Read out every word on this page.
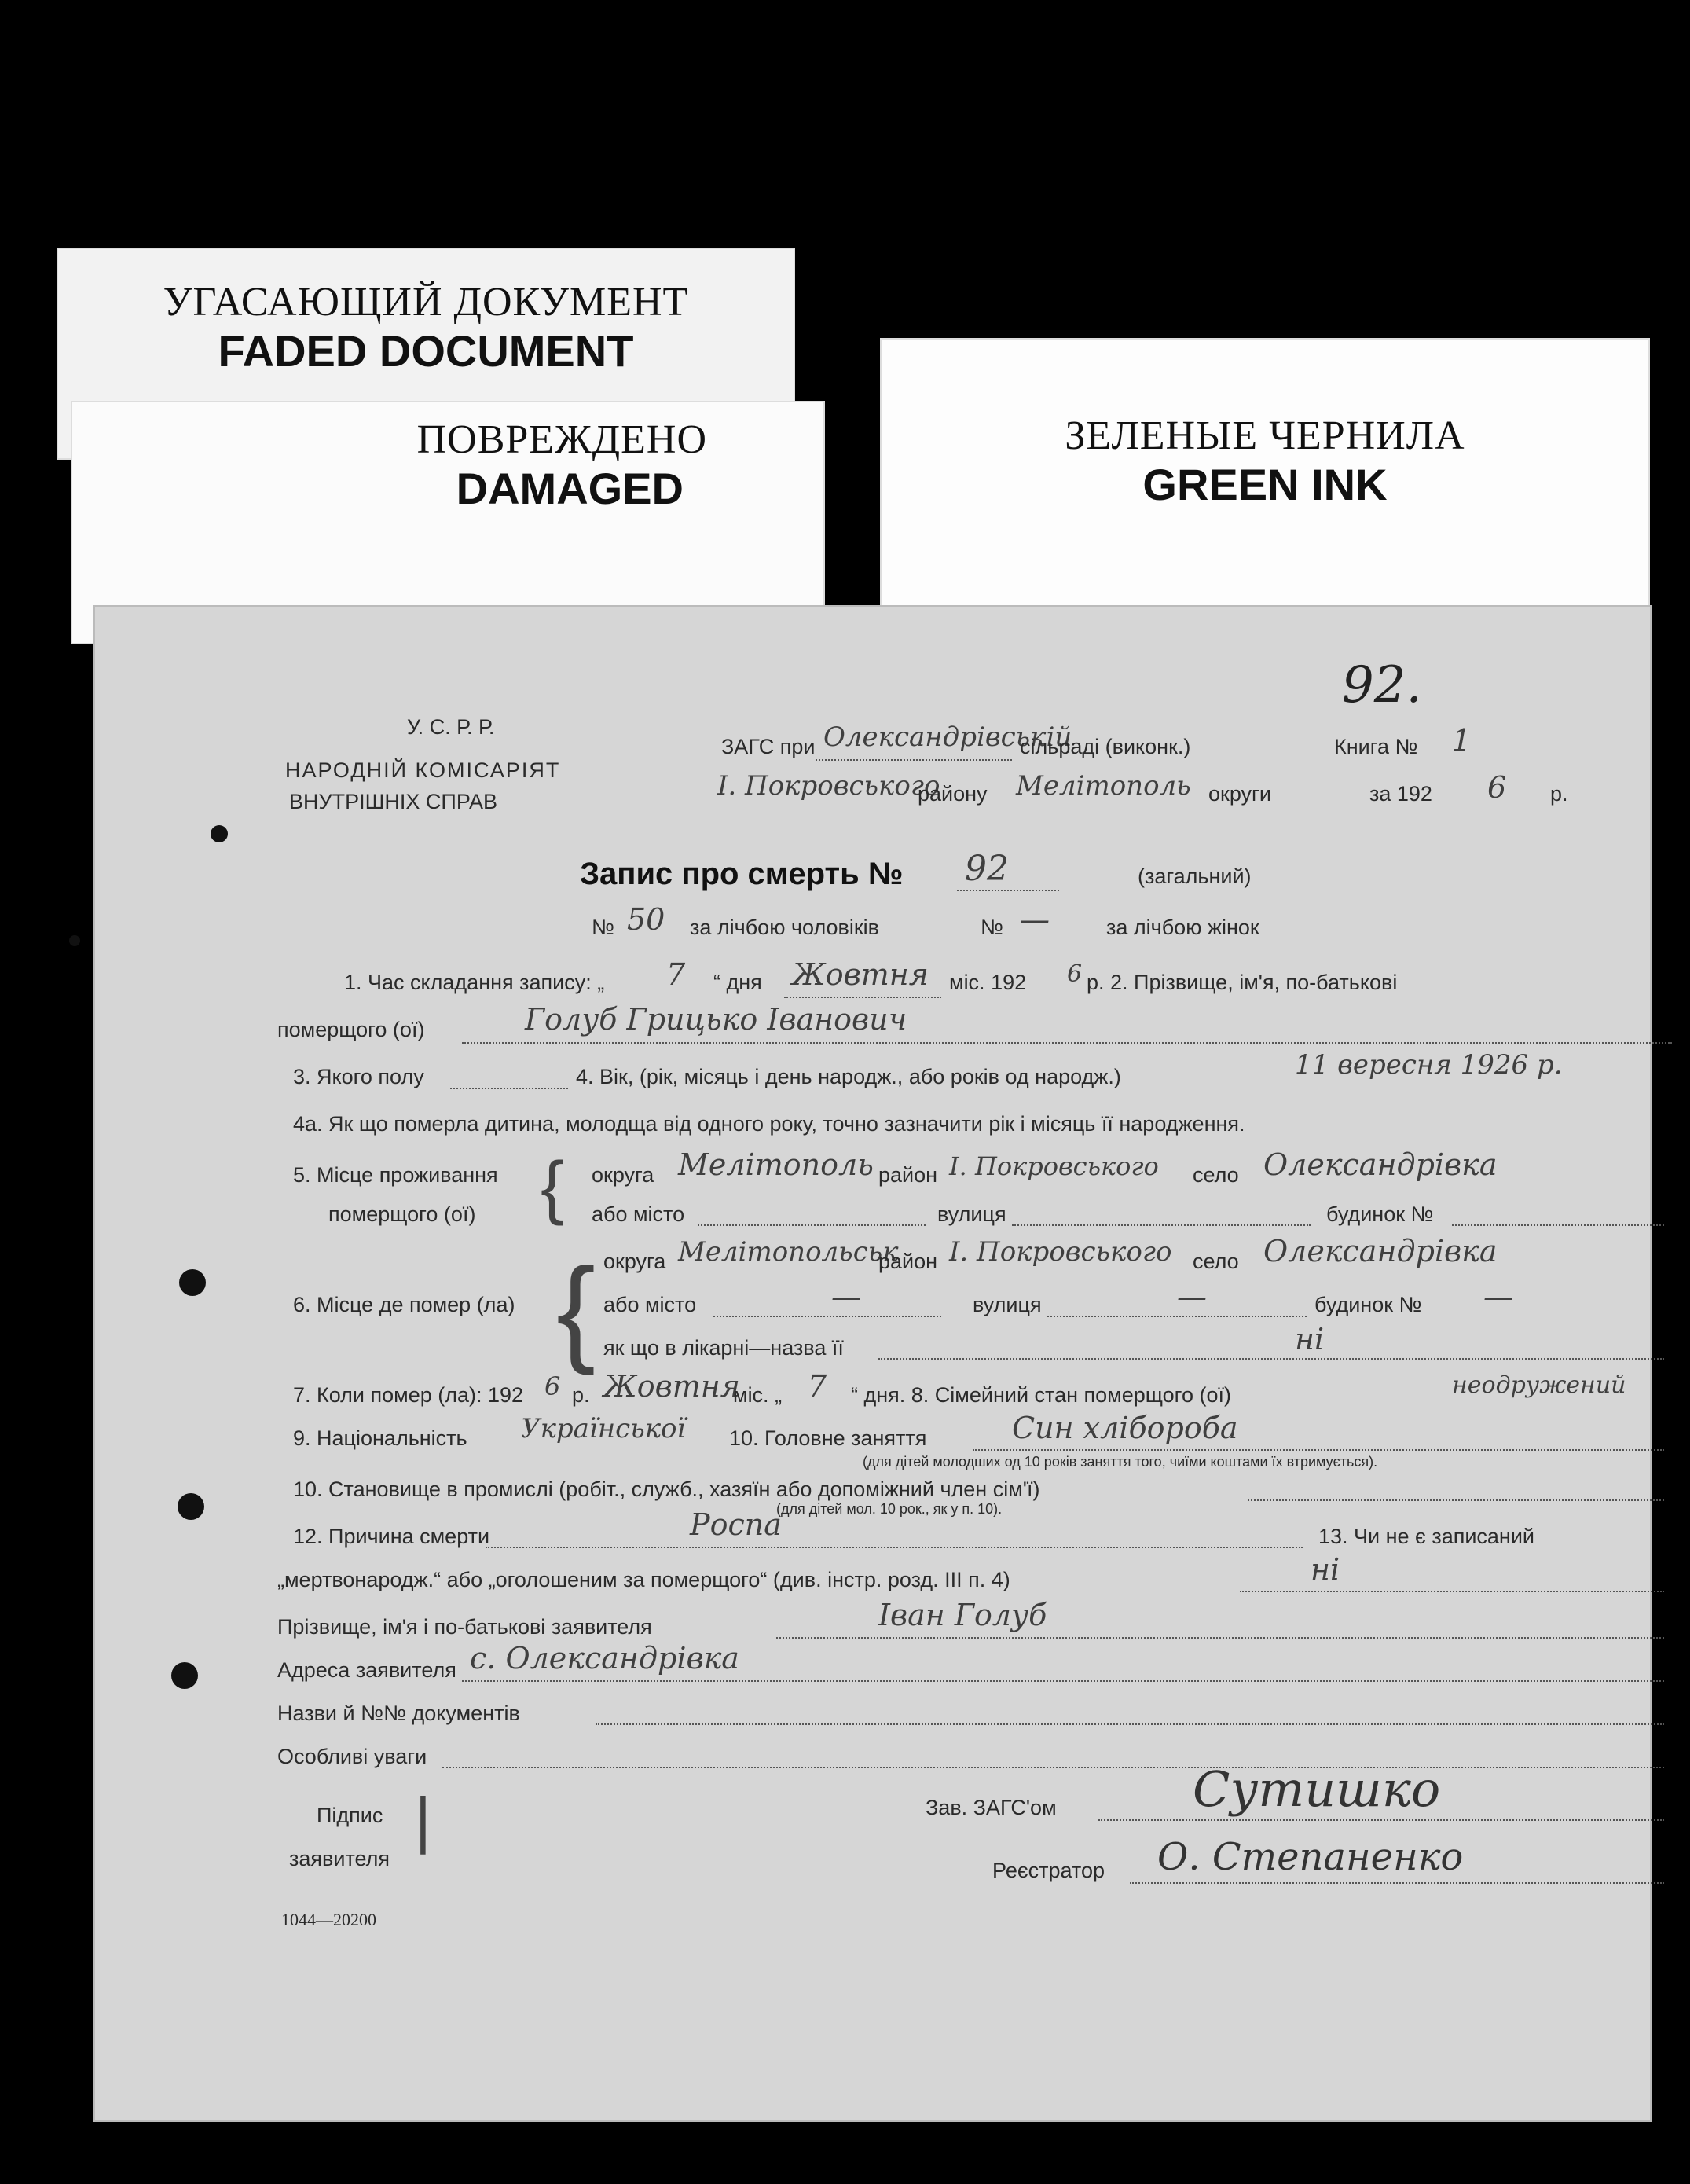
УГАСАЮЩИЙ ДОКУМЕНТ
FADED DOCUMENT
ПОВРЕЖДЕНО
DAMAGED
ЗЕЛЕНЫЕ ЧЕРНИЛА
GREEN INK
У. С. Р. Р.
НАРОДНІЙ КОМІСАРІЯТ
ВНУТРІШНІХ СПРАВ
ЗАГС при Олександрівській
сільраді (виконк.)	Книга № 1
92.
І. Покровського
району Мелітополь округи	за 192 6 р.
Запис про смерть № 92	(загальний)
№ 50 за лічбою чоловіків	№ —	за лічбою жінок
1. Час складання запису: „ 7 “ дня Жовтня міс. 192 6 р. 2. Прізвище, ім'я, по-батькові
померщого (ої)	Голуб Грицько Іванович
3. Якого полу	4. Вік, (рік, місяць і день народж., або років од народж.)	11 вересня 1926 р.
4а. Як що померла дитина, молодща від одного року, точно зазначити рік і місяць її народження.
5. Місце проживання
померщого (ої) { округа Мелітополь район І. Покровського село Олександрівка
або місто	вулиця	будинок №
6. Місце де помер (ла) { округа Мелітопольськ
район І. Покровського село Олександрівка
або місто	—	вулиця	—	будинок № —
як що в лікарні—назва її	ні
7. Коли помер (ла): 192 6 р. Жовтня
міс. „ 7 “ дня. 8. Сімейний стан померщого (ої)	неодружений
9. Національність Української 10. Головне заняття	Син хлібороба
(для дітей молодших од 10 років заняття того, чиїми коштами їх втримується).
10. Становище в промислі (робіт., служб., хазяїн або допоміжний член сім'ї)
(для дітей мол. 10 рок., як у п. 10).
12. Причина смерти	Роспа	13. Чи не є записаний
„мертвонародж.“ або „оголошеним за померщого“ (див. інстр. розд. III п. 4)	ні
Прізвище, ім'я і по-батькові заявителя	Іван Голуб
Адреса заявителя с. Олександрівка
Назви й №№ документів
Особливі уваги
Підпис
заявителя
|	Зав. ЗАГС'ом	Сутишко
Реєстратор О. Степаненко
1044—20200
